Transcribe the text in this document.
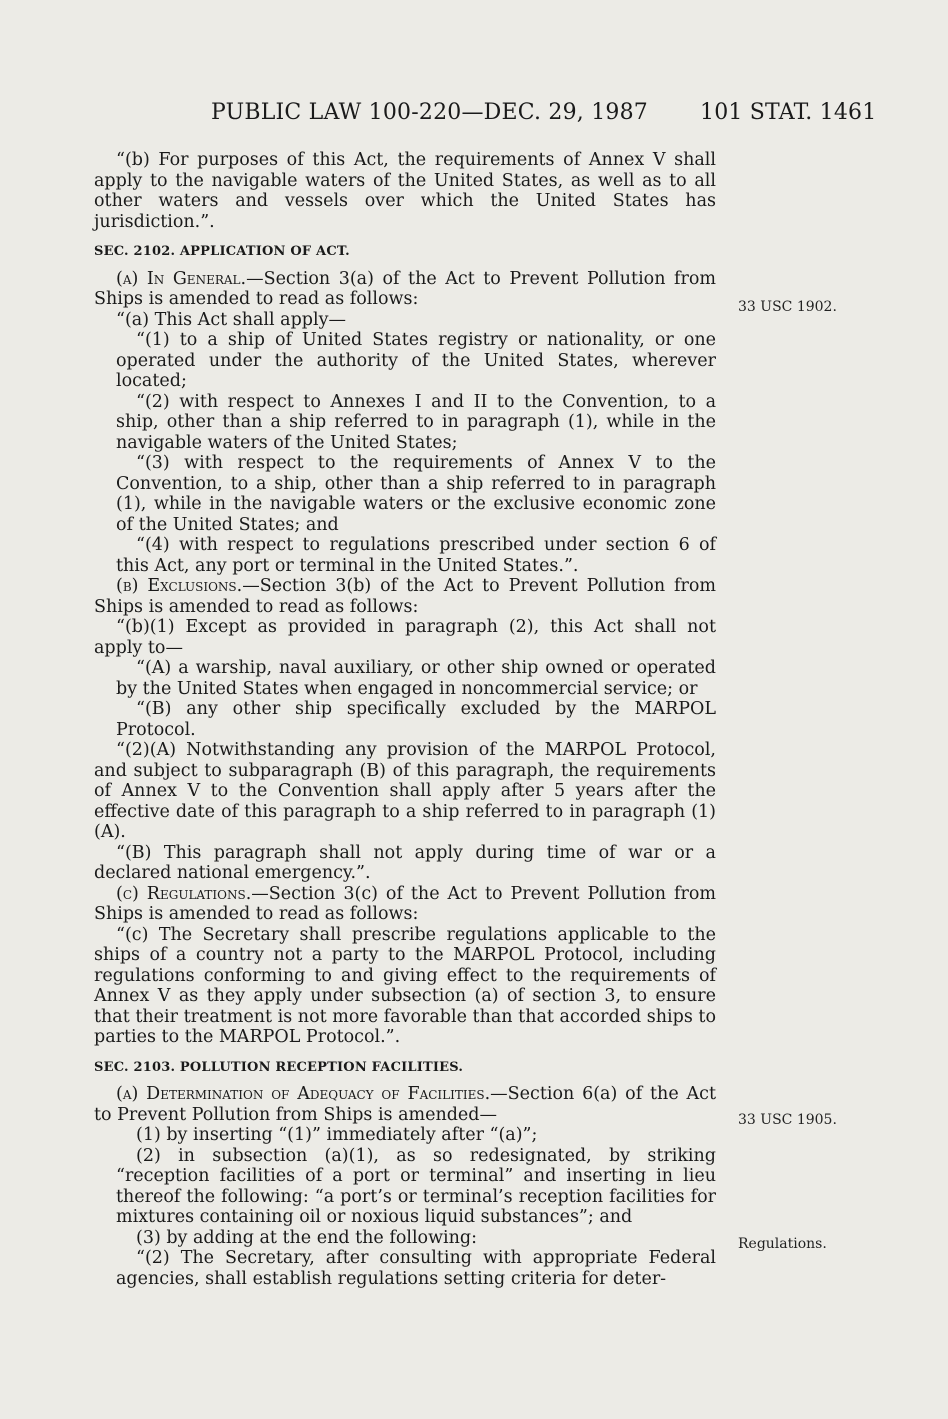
PUBLIC LAW 100-220—DEC. 29, 1987 101 STAT. 1461
33 USC 1902.
33 USC 1905.
Regulations.

“(b) For purposes of this Act, the requirements of Annex V shall apply to the navigable waters of the United States, as well as to all other waters and vessels over which the United States has jurisdiction.”.

SEC. 2102. APPLICATION OF ACT.

(a) In General.—Section 3(a) of the Act to Prevent Pollution from Ships is amended to read as follows:

“(a) This Act shall apply—

“(1) to a ship of United States registry or nationality, or one operated under the authority of the United States, wherever located;

“(2) with respect to Annexes I and II to the Convention, to a ship, other than a ship referred to in paragraph (1), while in the navigable waters of the United States;

“(3) with respect to the requirements of Annex V to the Convention, to a ship, other than a ship referred to in paragraph (1), while in the navigable waters or the exclusive economic zone of the United States; and

“(4) with respect to regulations prescribed under section 6 of this Act, any port or terminal in the United States.”.

(b) Exclusions.—Section 3(b) of the Act to Prevent Pollution from Ships is amended to read as follows:

“(b)(1) Except as provided in paragraph (2), this Act shall not apply to—

“(A) a warship, naval auxiliary, or other ship owned or operated by the United States when engaged in noncommercial service; or

“(B) any other ship specifically excluded by the MARPOL Protocol.

“(2)(A) Notwithstanding any provision of the MARPOL Protocol, and subject to subparagraph (B) of this paragraph, the requirements of Annex V to the Convention shall apply after 5 years after the effective date of this paragraph to a ship referred to in paragraph (1)(A).

“(B) This paragraph shall not apply during time of war or a declared national emergency.”.

(c) Regulations.—Section 3(c) of the Act to Prevent Pollution from Ships is amended to read as follows:

“(c) The Secretary shall prescribe regulations applicable to the ships of a country not a party to the MARPOL Protocol, including regulations conforming to and giving effect to the requirements of Annex V as they apply under subsection (a) of section 3, to ensure that their treatment is not more favorable than that accorded ships to parties to the MARPOL Protocol.”.

SEC. 2103. POLLUTION RECEPTION FACILITIES.

(a) Determination of Adequacy of Facilities.—Section 6(a) of the Act to Prevent Pollution from Ships is amended—

(1) by inserting “(1)” immediately after “(a)”;

(2) in subsection (a)(1), as so redesignated, by striking “reception facilities of a port or terminal” and inserting in lieu thereof the following: “a port’s or terminal’s reception facilities for mixtures containing oil or noxious liquid substances”; and

(3) by adding at the end the following:

“(2) The Secretary, after consulting with appropriate Federal agencies, shall establish regulations setting criteria for deter-
